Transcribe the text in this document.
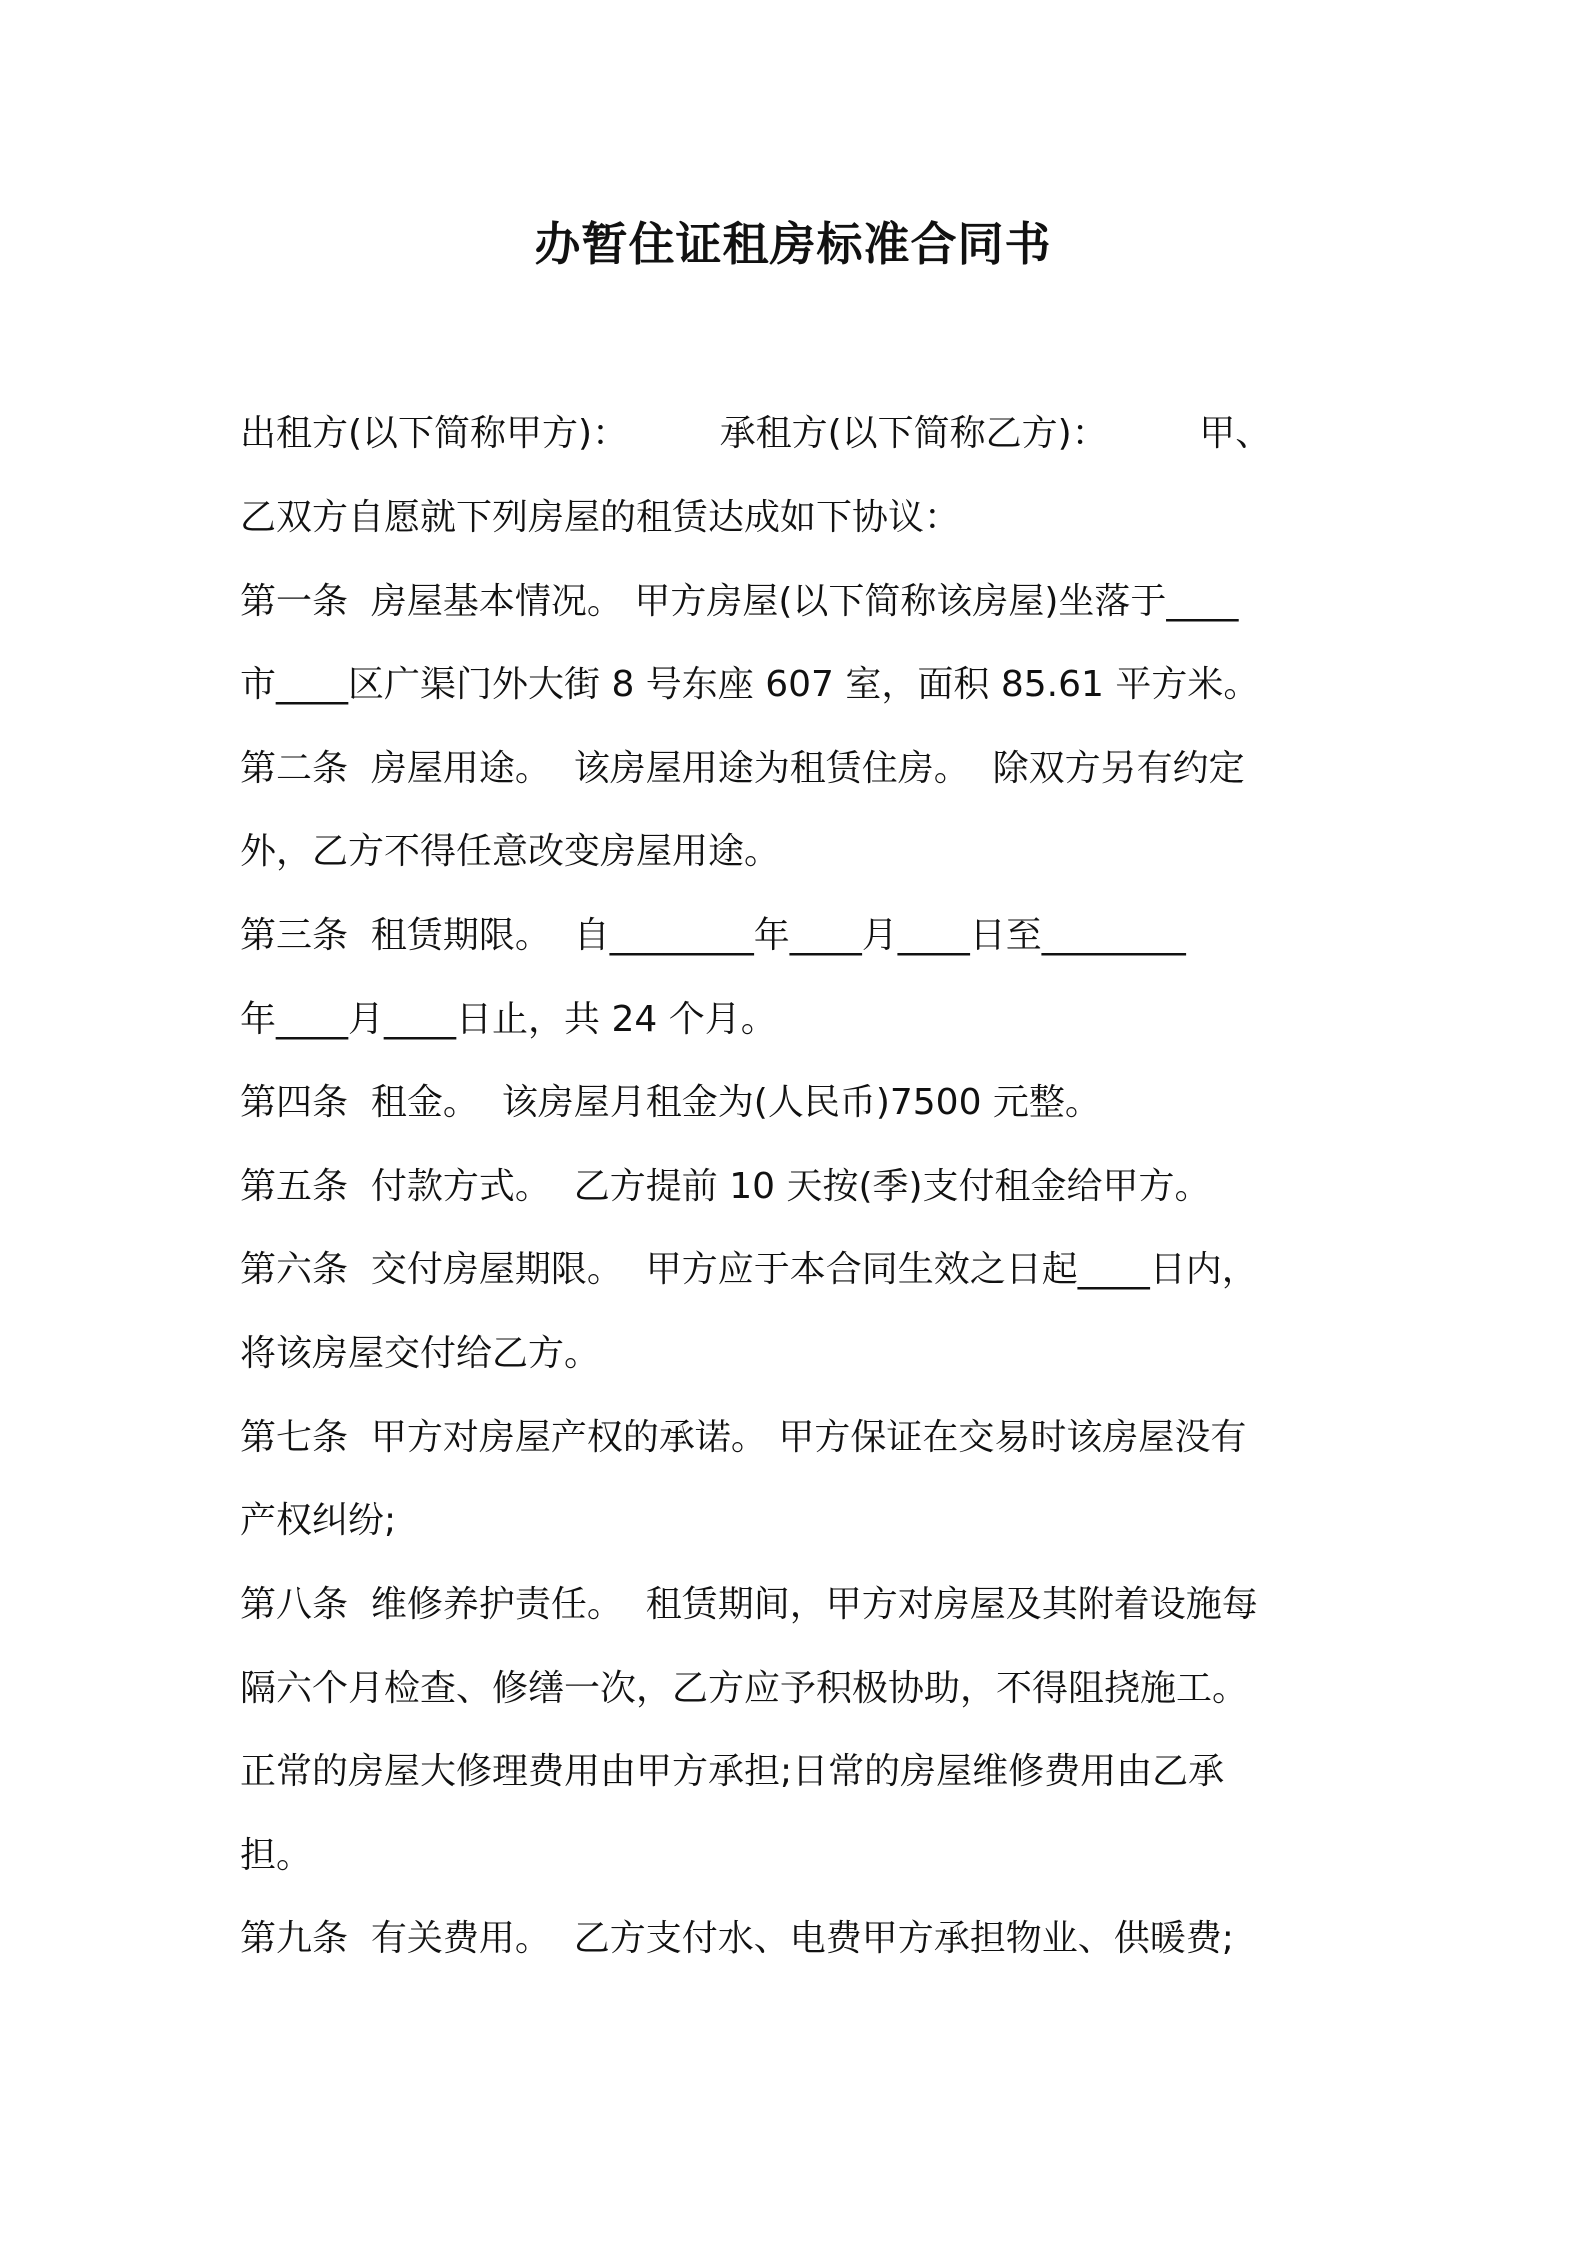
办暂住证租房标准合同书
出租方(以下简称甲方)：        承租方(以下简称乙方)：        甲、
乙双方自愿就下列房屋的租赁达成如下协议：
第一条  房屋基本情况。 甲方房屋(以下简称该房屋)坐落于____
市____区广渠门外大街 8 号东座 607 室，面积 85.61 平方米。
第二条  房屋用途。  该房屋用途为租赁住房。  除双方另有约定
外，乙方不得任意改变房屋用途。
第三条  租赁期限。  自________年____月____日至________
年____月____日止，共 24 个月。
第四条  租金。  该房屋月租金为(人民币)7500 元整。
第五条  付款方式。  乙方提前 10 天按(季)支付租金给甲方。
第六条  交付房屋期限。  甲方应于本合同生效之日起____日内，
将该房屋交付给乙方。
第七条  甲方对房屋产权的承诺。 甲方保证在交易时该房屋没有
产权纠纷;
第八条  维修养护责任。  租赁期间，甲方对房屋及其附着设施每
隔六个月检查、修缮一次，乙方应予积极协助，不得阻挠施工。
正常的房屋大修理费用由甲方承担;日常的房屋维修费用由乙承
担。
第九条  有关费用。  乙方支付水、电费甲方承担物业、供暖费;
